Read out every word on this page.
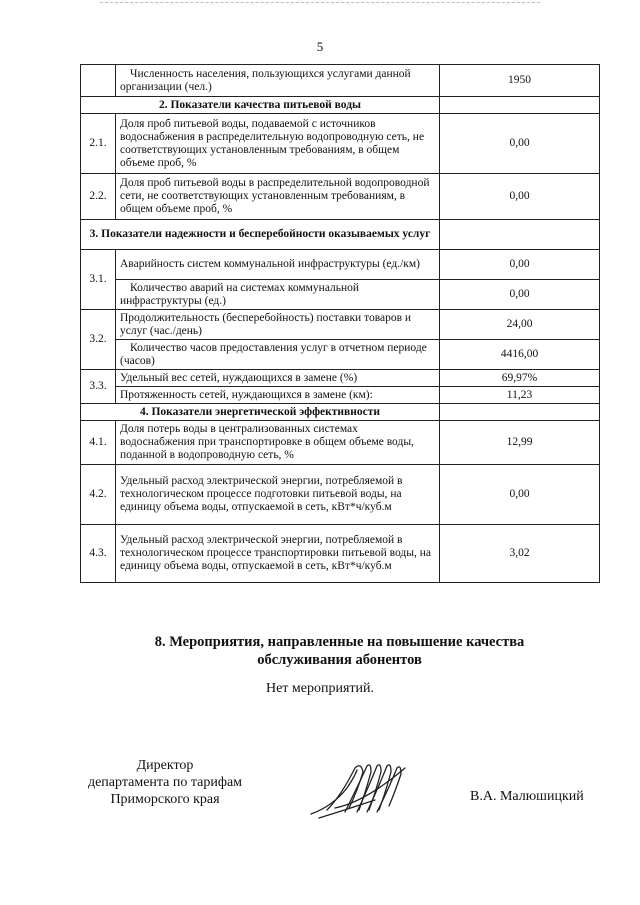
5
	Численность населения, пользующихся услугами данной организации (чел.)	1950
2. Показатели качества питьевой воды		
2.1.	Доля проб питьевой воды, подаваемой с источников водоснабжения в распределительную водопроводную сеть, не соответствующих установленным требованиям, в общем объеме проб, %	0,00
2.2.	Доля проб питьевой воды в распределительной водопроводной сети, не соответствующих установленным требованиям, в общем объеме проб, %	0,00
3. Показатели надежности и бесперебойности оказываемых услуг		
3.1.	Аварийность систем коммунальной инфраструктуры (ед./км)	0,00
	Количество аварий на системах коммунальной инфраструктуры (ед.)	0,00
3.2.	Продолжительность (бесперебойность) поставки товаров и услуг (час./день)	24,00
	Количество часов предоставления услуг в отчетном периоде (часов)	4416,00
3.3.	Удельный вес сетей, нуждающихся в замене (%)	69,97%
	Протяженность сетей, нуждающихся в замене (км):	11,23
4. Показатели энергетической эффективности		
4.1.	Доля потерь воды в централизованных системах водоснабжения при транспортировке в общем объеме воды, поданной в водопроводную сеть, %	12,99
4.2.	Удельный расход электрической энергии, потребляемой в технологическом процессе подготовки питьевой воды, на единицу объема воды, отпускаемой в сеть, кВт*ч/куб.м	0,00
4.3.	Удельный расход электрической энергии, потребляемой в технологическом процессе транспортировки питьевой воды, на единицу объема воды, отпускаемой в сеть, кВт*ч/куб.м	3,02
8. Мероприятия, направленные на повышение качества
обслуживания абонентов
Нет мероприятий.
Директор
департамента по тарифам
Приморского края	В.А. Малюшицкий
